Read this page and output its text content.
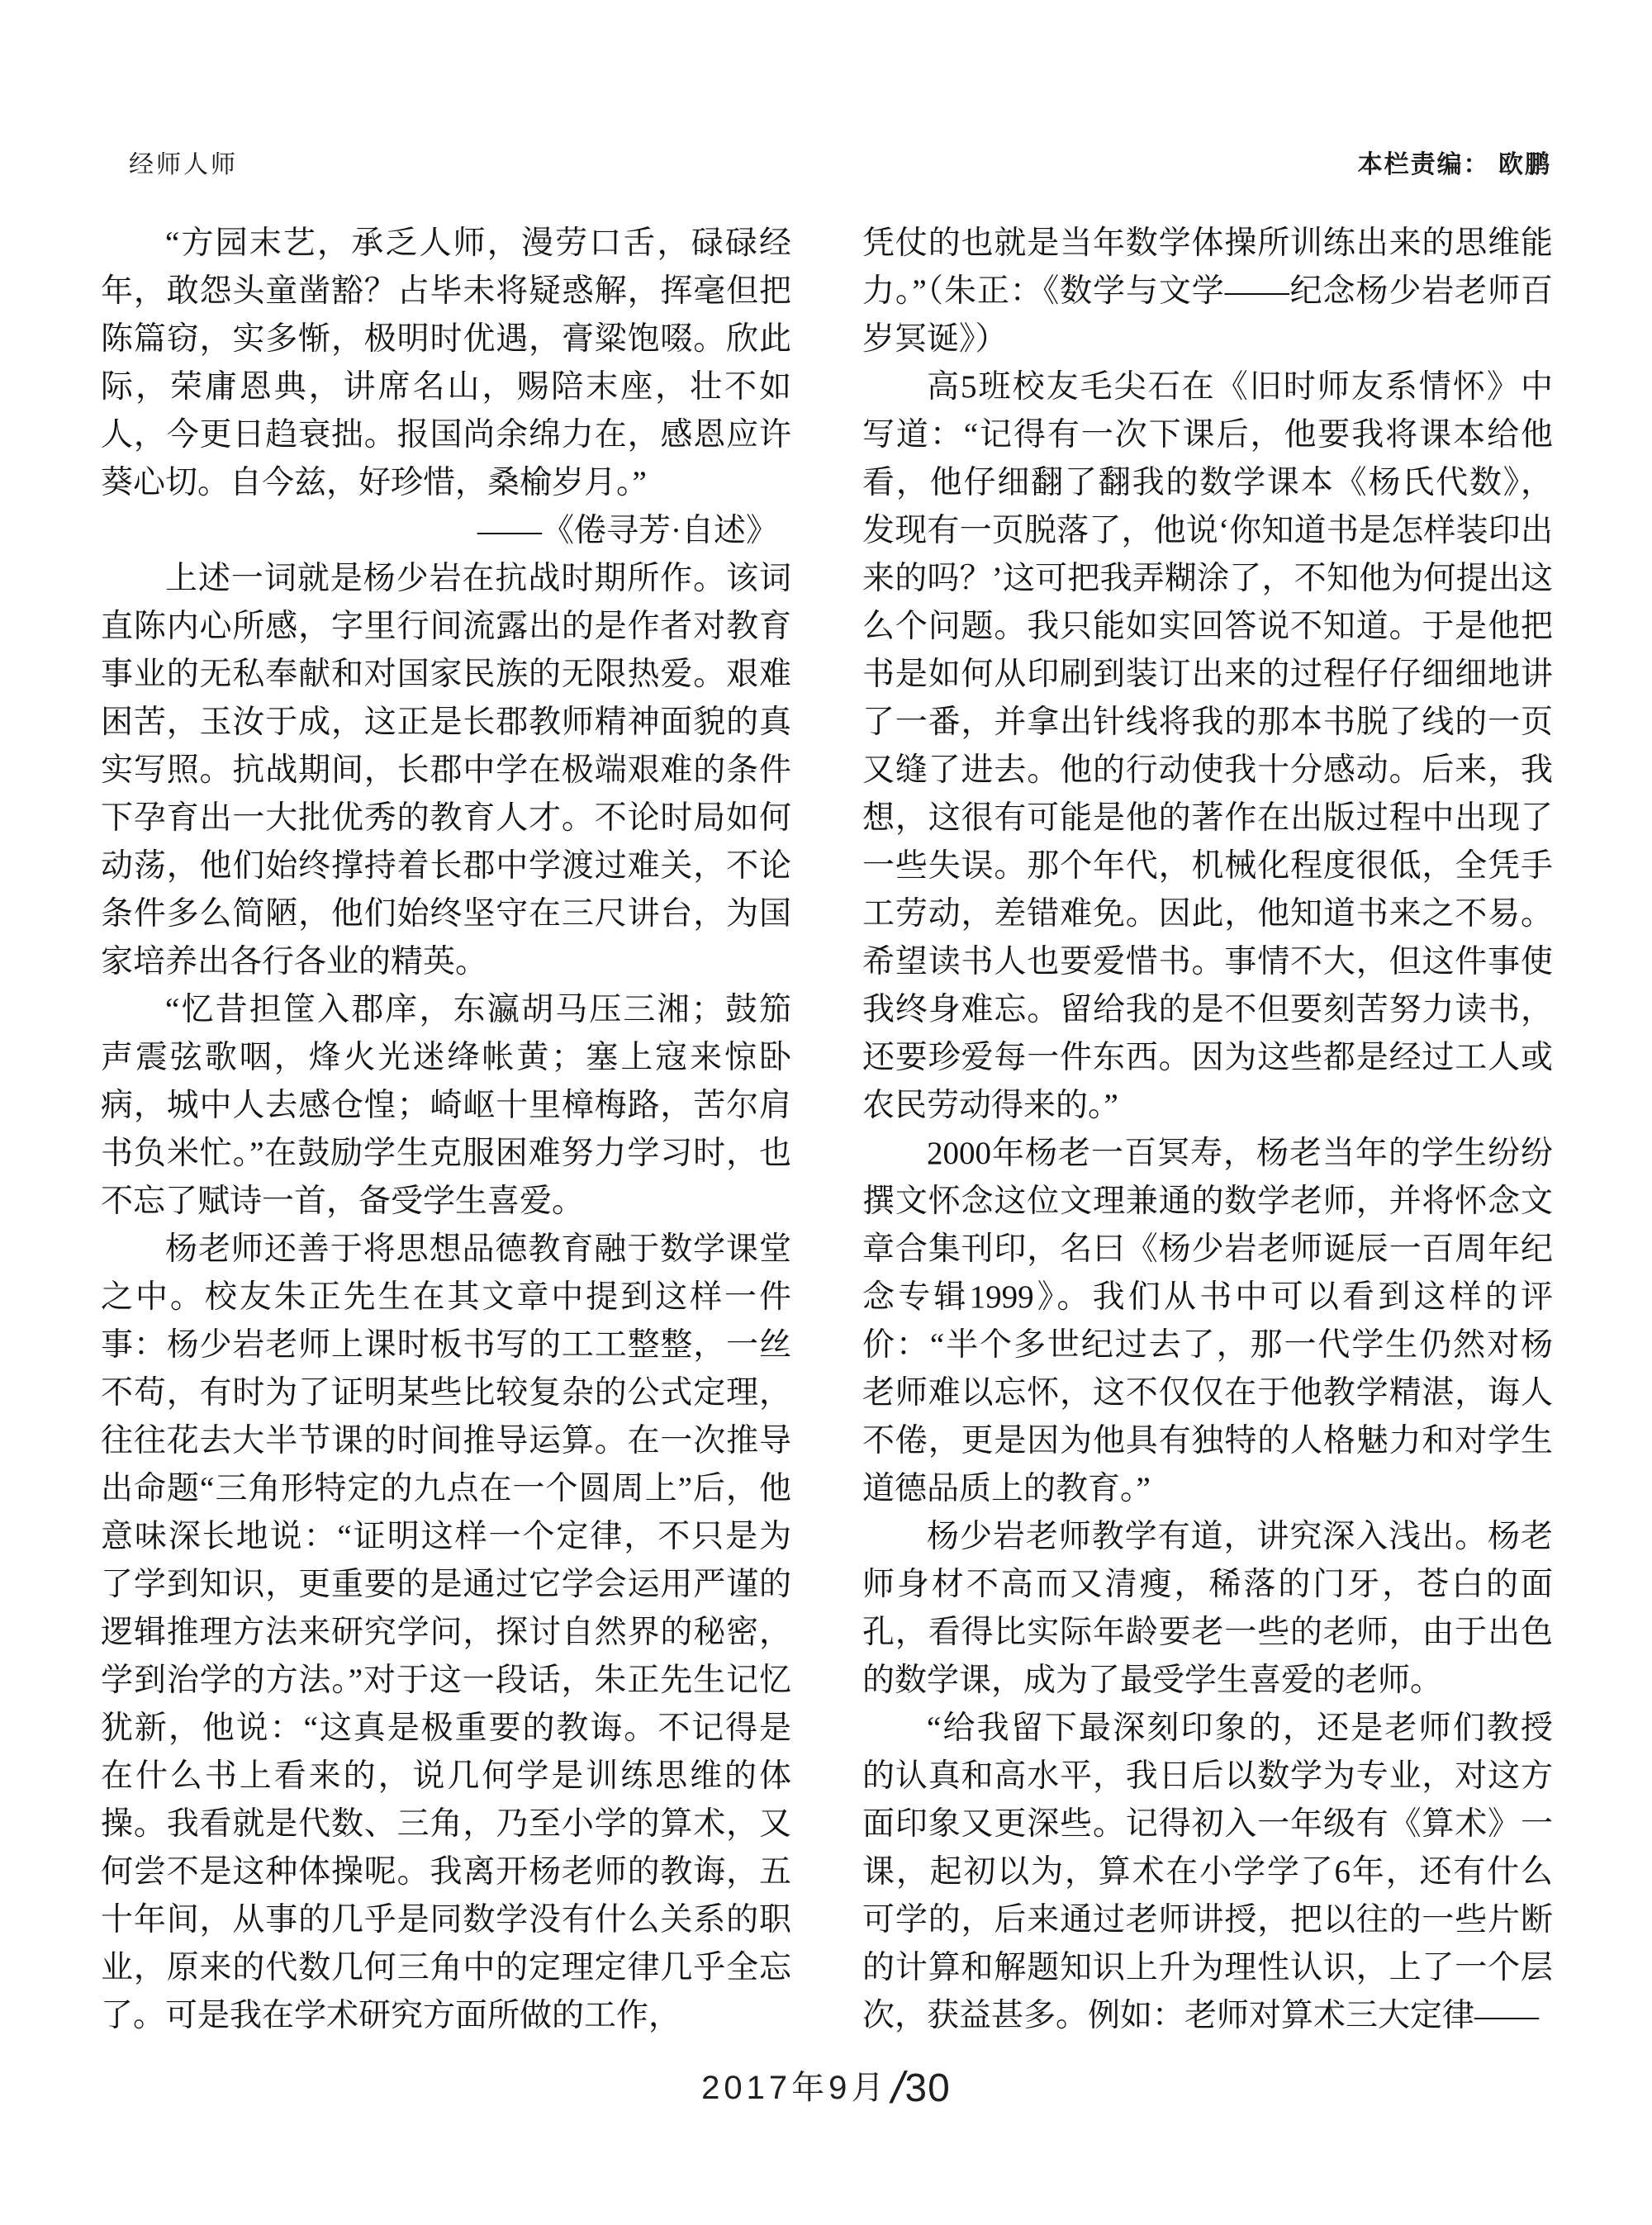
经师人师	本栏责编： 欧鹏

“方园末艺，承乏人师，漫劳口舌，碌碌经年，敢怨头童凿豁？占毕未将疑惑解，挥毫但把陈篇窃，实多惭，极明时优遇，膏粱饱啜。欣此际，荣庸恩典，讲席名山，赐陪末座，壮不如人，今更日趋衰拙。报国尚余绵力在，感恩应许葵心切。自今兹，好珍惜，桑榆岁月。”

——《倦寻芳·自述》

上述一词就是杨少岩在抗战时期所作。该词直陈内心所感，字里行间流露出的是作者对教育事业的无私奉献和对国家民族的无限热爱。艰难困苦，玉汝于成，这正是长郡教师精神面貌的真实写照。抗战期间，长郡中学在极端艰难的条件下孕育出一大批优秀的教育人才。不论时局如何动荡，他们始终撑持着长郡中学渡过难关，不论条件多么简陋，他们始终坚守在三尺讲台，为国家培养出各行各业的精英。

“忆昔担筐入郡庠，东瀛胡马压三湘；鼓笳声震弦歌咽，烽火光迷绛帐黄；塞上寇来惊卧病，城中人去感仓惶；崎岖十里樟梅路，苦尔肩书负米忙。”在鼓励学生克服困难努力学习时，也不忘了赋诗一首，备受学生喜爱。

杨老师还善于将思想品德教育融于数学课堂之中。校友朱正先生在其文章中提到这样一件事：杨少岩老师上课时板书写的工工整整，一丝不苟，有时为了证明某些比较复杂的公式定理，往往花去大半节课的时间推导运算。在一次推导出命题“三角形特定的九点在一个圆周上”后，他意味深长地说：“证明这样一个定律，不只是为了学到知识，更重要的是通过它学会运用严谨的逻辑推理方法来研究学问，探讨自然界的秘密，学到治学的方法。”对于这一段话，朱正先生记忆犹新，他说：“这真是极重要的教诲。不记得是在什么书上看来的，说几何学是训练思维的体操。我看就是代数、三角，乃至小学的算术，又何尝不是这种体操呢。我离开杨老师的教诲，五十年间，从事的几乎是同数学没有什么关系的职业，原来的代数几何三角中的定理定律几乎全忘了。可是我在学术研究方面所做的工作，

凭仗的也就是当年数学体操所训练出来的思维能力。”（朱正：《数学与文学——纪念杨少岩老师百岁冥诞》）

高5班校友毛尖石在《旧时师友系情怀》中写道：“记得有一次下课后，他要我将课本给他看，他仔细翻了翻我的数学课本《杨氏代数》，发现有一页脱落了，他说‘你知道书是怎样装印出来的吗？’这可把我弄糊涂了，不知他为何提出这么个问题。我只能如实回答说不知道。于是他把书是如何从印刷到装订出来的过程仔仔细细地讲了一番，并拿出针线将我的那本书脱了线的一页又缝了进去。他的行动使我十分感动。后来，我想，这很有可能是他的著作在出版过程中出现了一些失误。那个年代，机械化程度很低，全凭手工劳动，差错难免。因此，他知道书来之不易。希望读书人也要爱惜书。事情不大，但这件事使我终身难忘。留给我的是不但要刻苦努力读书，还要珍爱每一件东西。因为这些都是经过工人或农民劳动得来的。”

2000年杨老一百冥寿，杨老当年的学生纷纷撰文怀念这位文理兼通的数学老师，并将怀念文章合集刊印，名曰《杨少岩老师诞辰一百周年纪念专辑1999》。我们从书中可以看到这样的评价：“半个多世纪过去了，那一代学生仍然对杨老师难以忘怀，这不仅仅在于他教学精湛，诲人不倦，更是因为他具有独特的人格魅力和对学生道德品质上的教育。”

杨少岩老师教学有道，讲究深入浅出。杨老师身材不高而又清瘦，稀落的门牙，苍白的面孔，看得比实际年龄要老一些的老师，由于出色的数学课，成为了最受学生喜爱的老师。

“给我留下最深刻印象的，还是老师们教授的认真和高水平，我日后以数学为专业，对这方面印象又更深些。记得初入一年级有《算术》一课，起初以为，算术在小学学了6年，还有什么可学的，后来通过老师讲授，把以往的一些片断的计算和解题知识上升为理性认识，上了一个层次，获益甚多。例如：老师对算术三大定律——

2017年9月/30
